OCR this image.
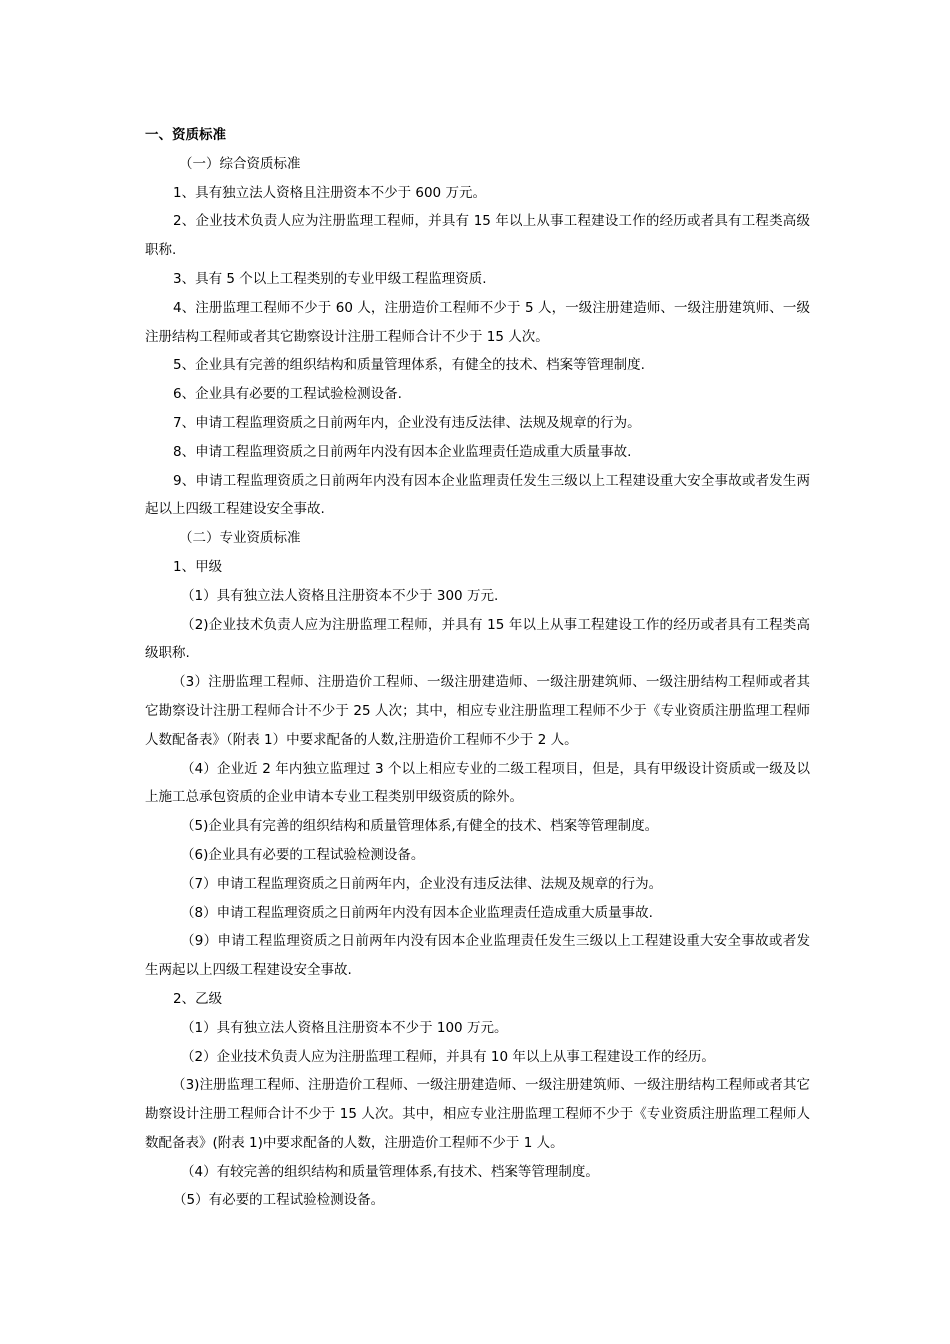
一、资质标准

（一）综合资质标准

1、具有独立法人资格且注册资本不少于 600 万元。

2、企业技术负责人应为注册监理工程师，并具有 15 年以上从事工程建设工作的经历或者具有工程类高级职称.

3、具有 5 个以上工程类别的专业甲级工程监理资质.

4、注册监理工程师不少于 60 人，注册造价工程师不少于 5 人，一级注册建造师、一级注册建筑师、一级注册结构工程师或者其它勘察设计注册工程师合计不少于 15 人次。

5、企业具有完善的组织结构和质量管理体系，有健全的技术、档案等管理制度.

6、企业具有必要的工程试验检测设备.

7、申请工程监理资质之日前两年内，企业没有违反法律、法规及规章的行为。

8、申请工程监理资质之日前两年内没有因本企业监理责任造成重大质量事故.

9、申请工程监理资质之日前两年内没有因本企业监理责任发生三级以上工程建设重大安全事故或者发生两起以上四级工程建设安全事故.

（二）专业资质标准

1、甲级

（1）具有独立法人资格且注册资本不少于 300 万元.

（2)企业技术负责人应为注册监理工程师，并具有 15 年以上从事工程建设工作的经历或者具有工程类高级职称.

（3）注册监理工程师、注册造价工程师、一级注册建造师、一级注册建筑师、一级注册结构工程师或者其它勘察设计注册工程师合计不少于 25 人次；其中，相应专业注册监理工程师不少于《专业资质注册监理工程师人数配备表》（附表 1）中要求配备的人数,注册造价工程师不少于 2 人。

（4）企业近 2 年内独立监理过 3 个以上相应专业的二级工程项目，但是，具有甲级设计资质或一级及以上施工总承包资质的企业申请本专业工程类别甲级资质的除外。

（5)企业具有完善的组织结构和质量管理体系,有健全的技术、档案等管理制度。

（6)企业具有必要的工程试验检测设备。

（7）申请工程监理资质之日前两年内，企业没有违反法律、法规及规章的行为。

（8）申请工程监理资质之日前两年内没有因本企业监理责任造成重大质量事故.

（9）申请工程监理资质之日前两年内没有因本企业监理责任发生三级以上工程建设重大安全事故或者发生两起以上四级工程建设安全事故.

2、乙级

（1）具有独立法人资格且注册资本不少于 100 万元。

（2）企业技术负责人应为注册监理工程师，并具有 10 年以上从事工程建设工作的经历。

（3)注册监理工程师、注册造价工程师、一级注册建造师、一级注册建筑师、一级注册结构工程师或者其它勘察设计注册工程师合计不少于 15 人次。其中，相应专业注册监理工程师不少于《专业资质注册监理工程师人数配备表》(附表 1)中要求配备的人数，注册造价工程师不少于 1 人。

（4）有较完善的组织结构和质量管理体系,有技术、档案等管理制度。

（5）有必要的工程试验检测设备。
